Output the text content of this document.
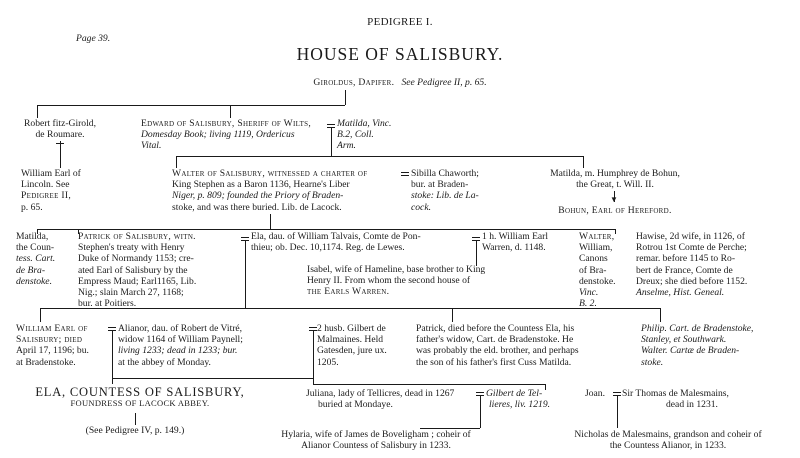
Page 39.
PEDIGREE I.
HOUSE OF SALISBURY.
Giroldus, Dapifer. See Pedigree II, p. 65.
▼
Robert fitz-Girold,
de Roumare.
Edward of Salisbury, Sheriff of Wilts,
Domesday Book; living 1119, Ordericus
Vital.
Matilda, Vinc.
B.2, Coll.
Arm.
William Earl of
Lincoln. See
Pedigree II,
p. 65.
Walter of Salisbury, witnessed a charter of
King Stephen as a Baron 1136, Hearne's Liber
Niger, p. 809; founded the Priory of Braden-
stoke, and was there buried. Lib. de Lacock.
Sibilla Chaworth;
bur. at Braden-
stoke: Lib. de La-
cock.
Matilda, m. Humphrey de Bohun,
the Great, t. Will. II.
Bohun, Earl of Hereford.
Matilda,
the Coun-
tess. Cart.
de Bra-
denstoke.
Patrick of Salisbury, witn.
Stephen's treaty with Henry
Duke of Normandy 1153; cre-
ated Earl of Salisbury by the
Empress Maud; Earl1165, Lib.
Nig.; slain March 27, 1168;
bur. at Poitiers.
Ela, dau. of William Talvais, Comte de Pon-
thieu; ob. Dec. 10,1174. Reg. de Lewes.
1 h. William Earl
Warren, d. 1148.
Isabel, wife of Hameline, base brother to King
Henry II. From whom the second house of
the Earls Warren.
Walter,
William,
Canons
of Bra-
denstoke.
Vinc.
B. 2.
Hawise, 2d wife, in 1126, of
Rotrou 1st Comte de Perche;
remar. before 1145 to Ro-
bert de France, Comte de
Dreux; she died before 1152.
Anselme, Hist. Geneal.
William Earl of
Salisbury; died
April 17, 1196; bu.
at Bradenstoke.
Alianor, dau. of Robert de Vitré,
widow 1164 of William Paynell;
living 1233; dead in 1233; bur.
at the abbey of Monday.
2 husb. Gilbert de
Malmaines. Held
Gatesden, jure ux.
1205.
Patrick, died before the Countess Ela, his
father's widow, Cart. de Bradenstoke. He
was probably the eld. brother, and perhaps
the son of his father's first Cuss Matilda.
Philip. Cart. de Bradenstoke,
Stanley, et Southwark.
Walter. Cartæ de Braden-
stoke.
ELA, COUNTESS OF SALISBURY,
FOUNDRESS OF LACOCK ABBEY.
(See Pedigree IV, p. 149.)
Juliana, lady of Tellicres, dead in 1267
buried at Mondaye.
Gilbert de Tel-
lieres, liv. 1219.
Joan. Sir Thomas de Malesmains,
dead in 1231.
Hylaria, wife of James de Boveligham ; coheir of
Alianor Countess of Salisbury in 1233.
Nicholas de Malesmains, grandson and coheir of
the Countess Alianor, in 1233.
